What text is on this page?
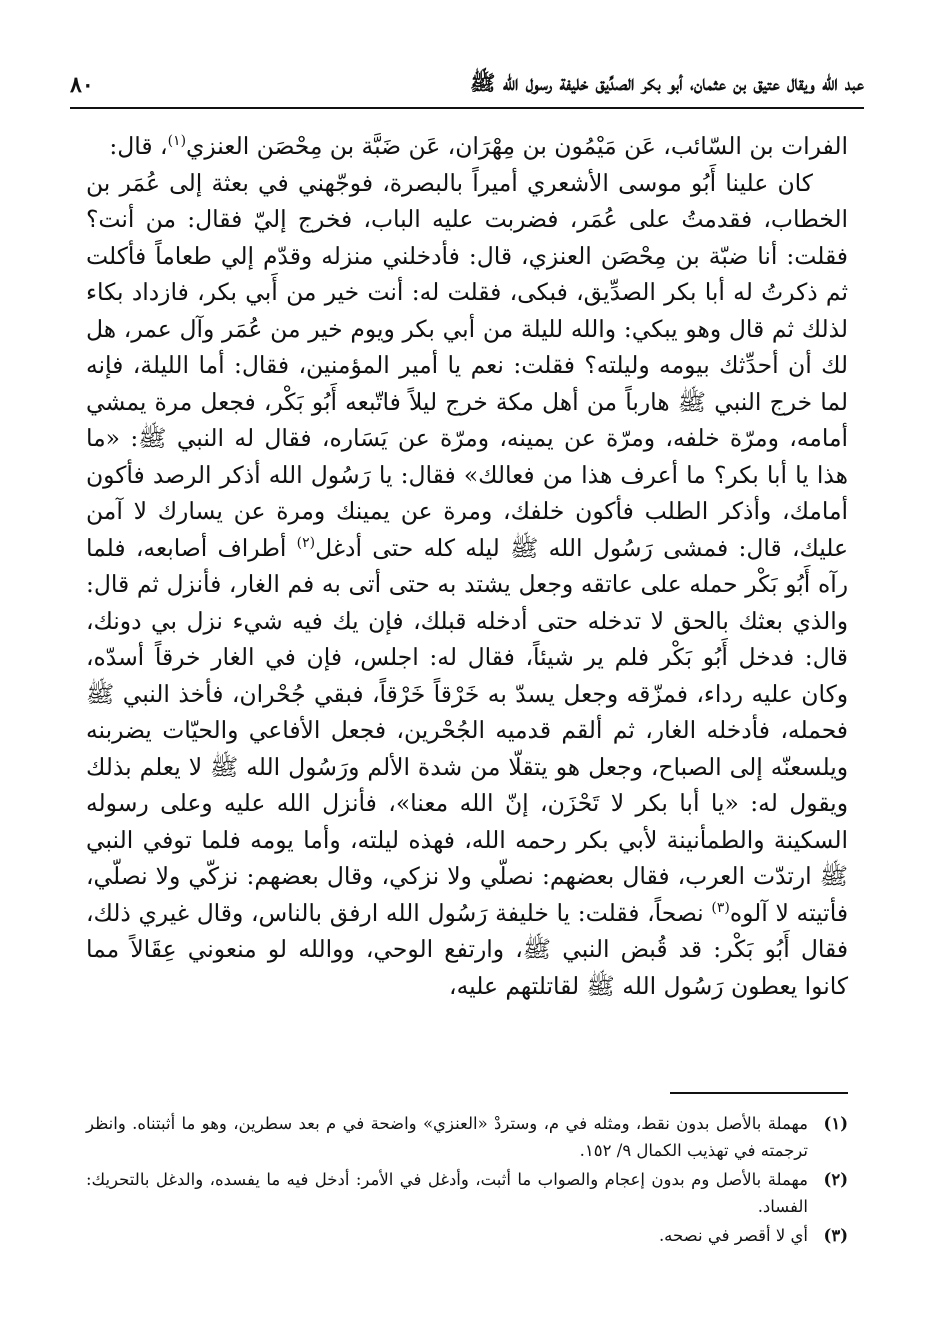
عبد الله ويقال عتيق بن عثمان، أبو بكر الصدِّيق خليفة رسول الله ﷺ
٨٠

الفرات بن السّائب، عَن مَيْمُون بن مِهْرَان، عَن ضَبَّة بن مِحْصَن العنزي$^{(١)}$، قال:

كان علينا أَبُو موسى الأشعري أميراً بالبصرة، فوجّهني في بعثة إلى عُمَر بن الخطاب، فقدمتُ على عُمَر، فضربت عليه الباب، فخرج إليّ فقال: من أنت؟ فقلت: أنا ضبّة بن مِحْصَن العنزي، قال: فأدخلني منزله وقدّم إلي طعاماً فأكلت ثم ذكرتُ له أبا بكر الصدِّيق، فبكى، فقلت له: أنت خير من أَبي بكر، فازداد بكاء لذلك ثم قال وهو يبكي: والله لليلة من أبي بكر ويوم خير من عُمَر وآل عمر، هل لك أن أحدِّثك بيومه وليلته؟ فقلت: نعم يا أمير المؤمنين، فقال: أما الليلة، فإنه لما خرج النبي ﷺ هارباً من أهل مكة خرج ليلاً فاتّبعه أَبُو بَكْر، فجعل مرة يمشي أمامه، ومرّة خلفه، ومرّة عن يمينه، ومرّة عن يَسَاره، فقال له النبي ﷺ: «ما هذا يا أبا بكر؟ ما أعرف هذا من فعالك» فقال: يا رَسُول الله أذكر الرصد فأكون أمامك، وأذكر الطلب فأكون خلفك، ومرة عن يمينك ومرة عن يسارك لا آمن عليك، قال: فمشى رَسُول الله ﷺ ليله كله حتى أدغل$^{(٢)}$ أطراف أصابعه، فلما رآه أَبُو بَكْر حمله على عاتقه وجعل يشتد به حتى أتى به فم الغار، فأنزل ثم قال: والذي بعثك بالحق لا تدخله حتى أدخله قبلك، فإن يك فيه شيء نزل بي دونك، قال: فدخل أَبُو بَكْر فلم ير شيئاً، فقال له: اجلس، فإن في الغار خرقاً أسدّه، وكان عليه رداء، فمزّقه وجعل يسدّ به خَرْقاً خَرْقاً، فبقي جُحْران، فأخذ النبي ﷺ فحمله، فأدخله الغار، ثم ألقم قدميه الجُحْرين، فجعل الأفاعي والحيّات يضربنه ويلسعنّه إلى الصباح، وجعل هو يتقلّا من شدة الألم ورَسُول الله ﷺ لا يعلم بذلك ويقول له: «يا أبا بكر لا تَحْزَن، إنّ الله معنا»، فأنزل الله عليه وعلى رسوله السكينة والطمأنينة لأبي بكر رحمه الله، فهذه ليلته، وأما يومه فلما توفي النبي ﷺ ارتدّت العرب، فقال بعضهم: نصلّي ولا نزكي، وقال بعضهم: نزكّي ولا نصلّي، فأتيته لا آلوه$^{(٣)}$ نصحاً، فقلت: يا خليفة رَسُول الله ارفق بالناس، وقال غيري ذلك، فقال أَبُو بَكْر: قد قُبض النبي ﷺ، وارتفع الوحي، ووالله لو منعوني عِقَالاً مما كانوا يعطون رَسُول الله ﷺ لقاتلتهم عليه،

(١)
مهملة بالأصل بدون نقط، ومثله في م، وستردْ «العنزي» واضحة في م بعد سطرين، وهو ما أثبتناه. وانظر ترجمته في تهذيب الكمال ٩/ ١٥٢.
(٢)
مهملة بالأصل وم بدون إعجام والصواب ما أثبت، وأدغل في الأمر: أدخل فيه ما يفسده، والدغل بالتحريك: الفساد.
(٣)
أي لا أقصر في نصحه.
